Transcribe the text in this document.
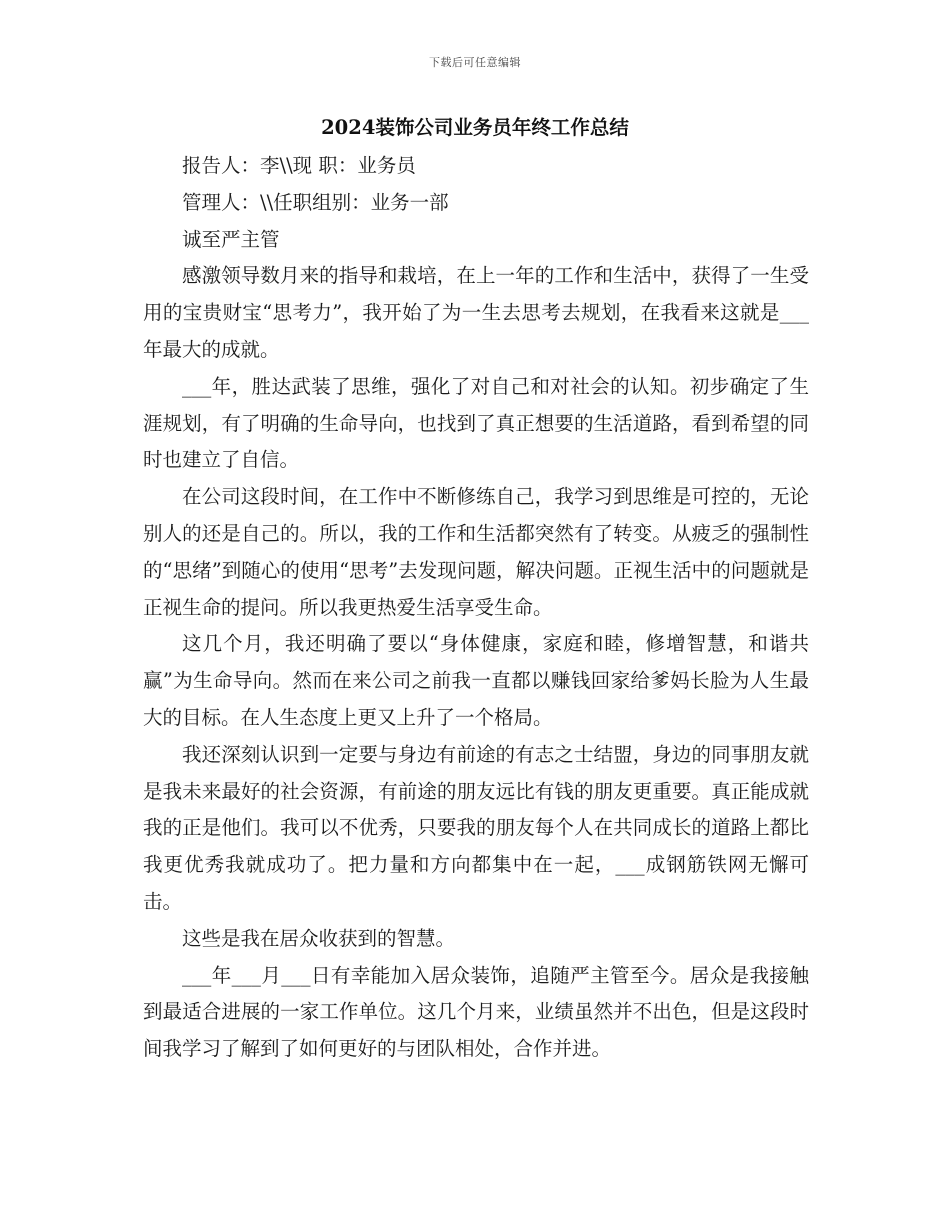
下载后可任意编辑
2024装饰公司业务员年终工作总结

报告人：李\\现 职：业务员

管理人：\\任职组别：业务一部

诚至严主管

感激领导数月来的指导和栽培，在上一年的工作和生活中，获得了一生受用的宝贵财宝“思考力”，我开始了为一生去思考去规划，在我看来这就是___年最大的成就。

___年，胜达武装了思维，强化了对自己和对社会的认知。初步确定了生涯规划，有了明确的生命导向，也找到了真正想要的生活道路，看到希望的同时也建立了自信。

在公司这段时间，在工作中不断修练自己，我学习到思维是可控的，无论别人的还是自己的。所以，我的工作和生活都突然有了转变。从疲乏的强制性的“思绪”到随心的使用“思考”去发现问题，解决问题。正视生活中的问题就是正视生命的提问。所以我更热爱生活享受生命。

这几个月，我还明确了要以“身体健康，家庭和睦，修增智慧，和谐共赢”为生命导向。然而在来公司之前我一直都以赚钱回家给爹妈长脸为人生最大的目标。在人生态度上更又上升了一个格局。

我还深刻认识到一定要与身边有前途的有志之士结盟，身边的同事朋友就是我未来最好的社会资源，有前途的朋友远比有钱的朋友更重要。真正能成就我的正是他们。我可以不优秀，只要我的朋友每个人在共同成长的道路上都比我更优秀我就成功了。把力量和方向都集中在一起，___成钢筋铁网无懈可击。

这些是我在居众收获到的智慧。

___年___月___日有幸能加入居众装饰，追随严主管至今。居众是我接触到最适合进展的一家工作单位。这几个月来，业绩虽然并不出色，但是这段时间我学习了解到了如何更好的与团队相处，合作并进。
